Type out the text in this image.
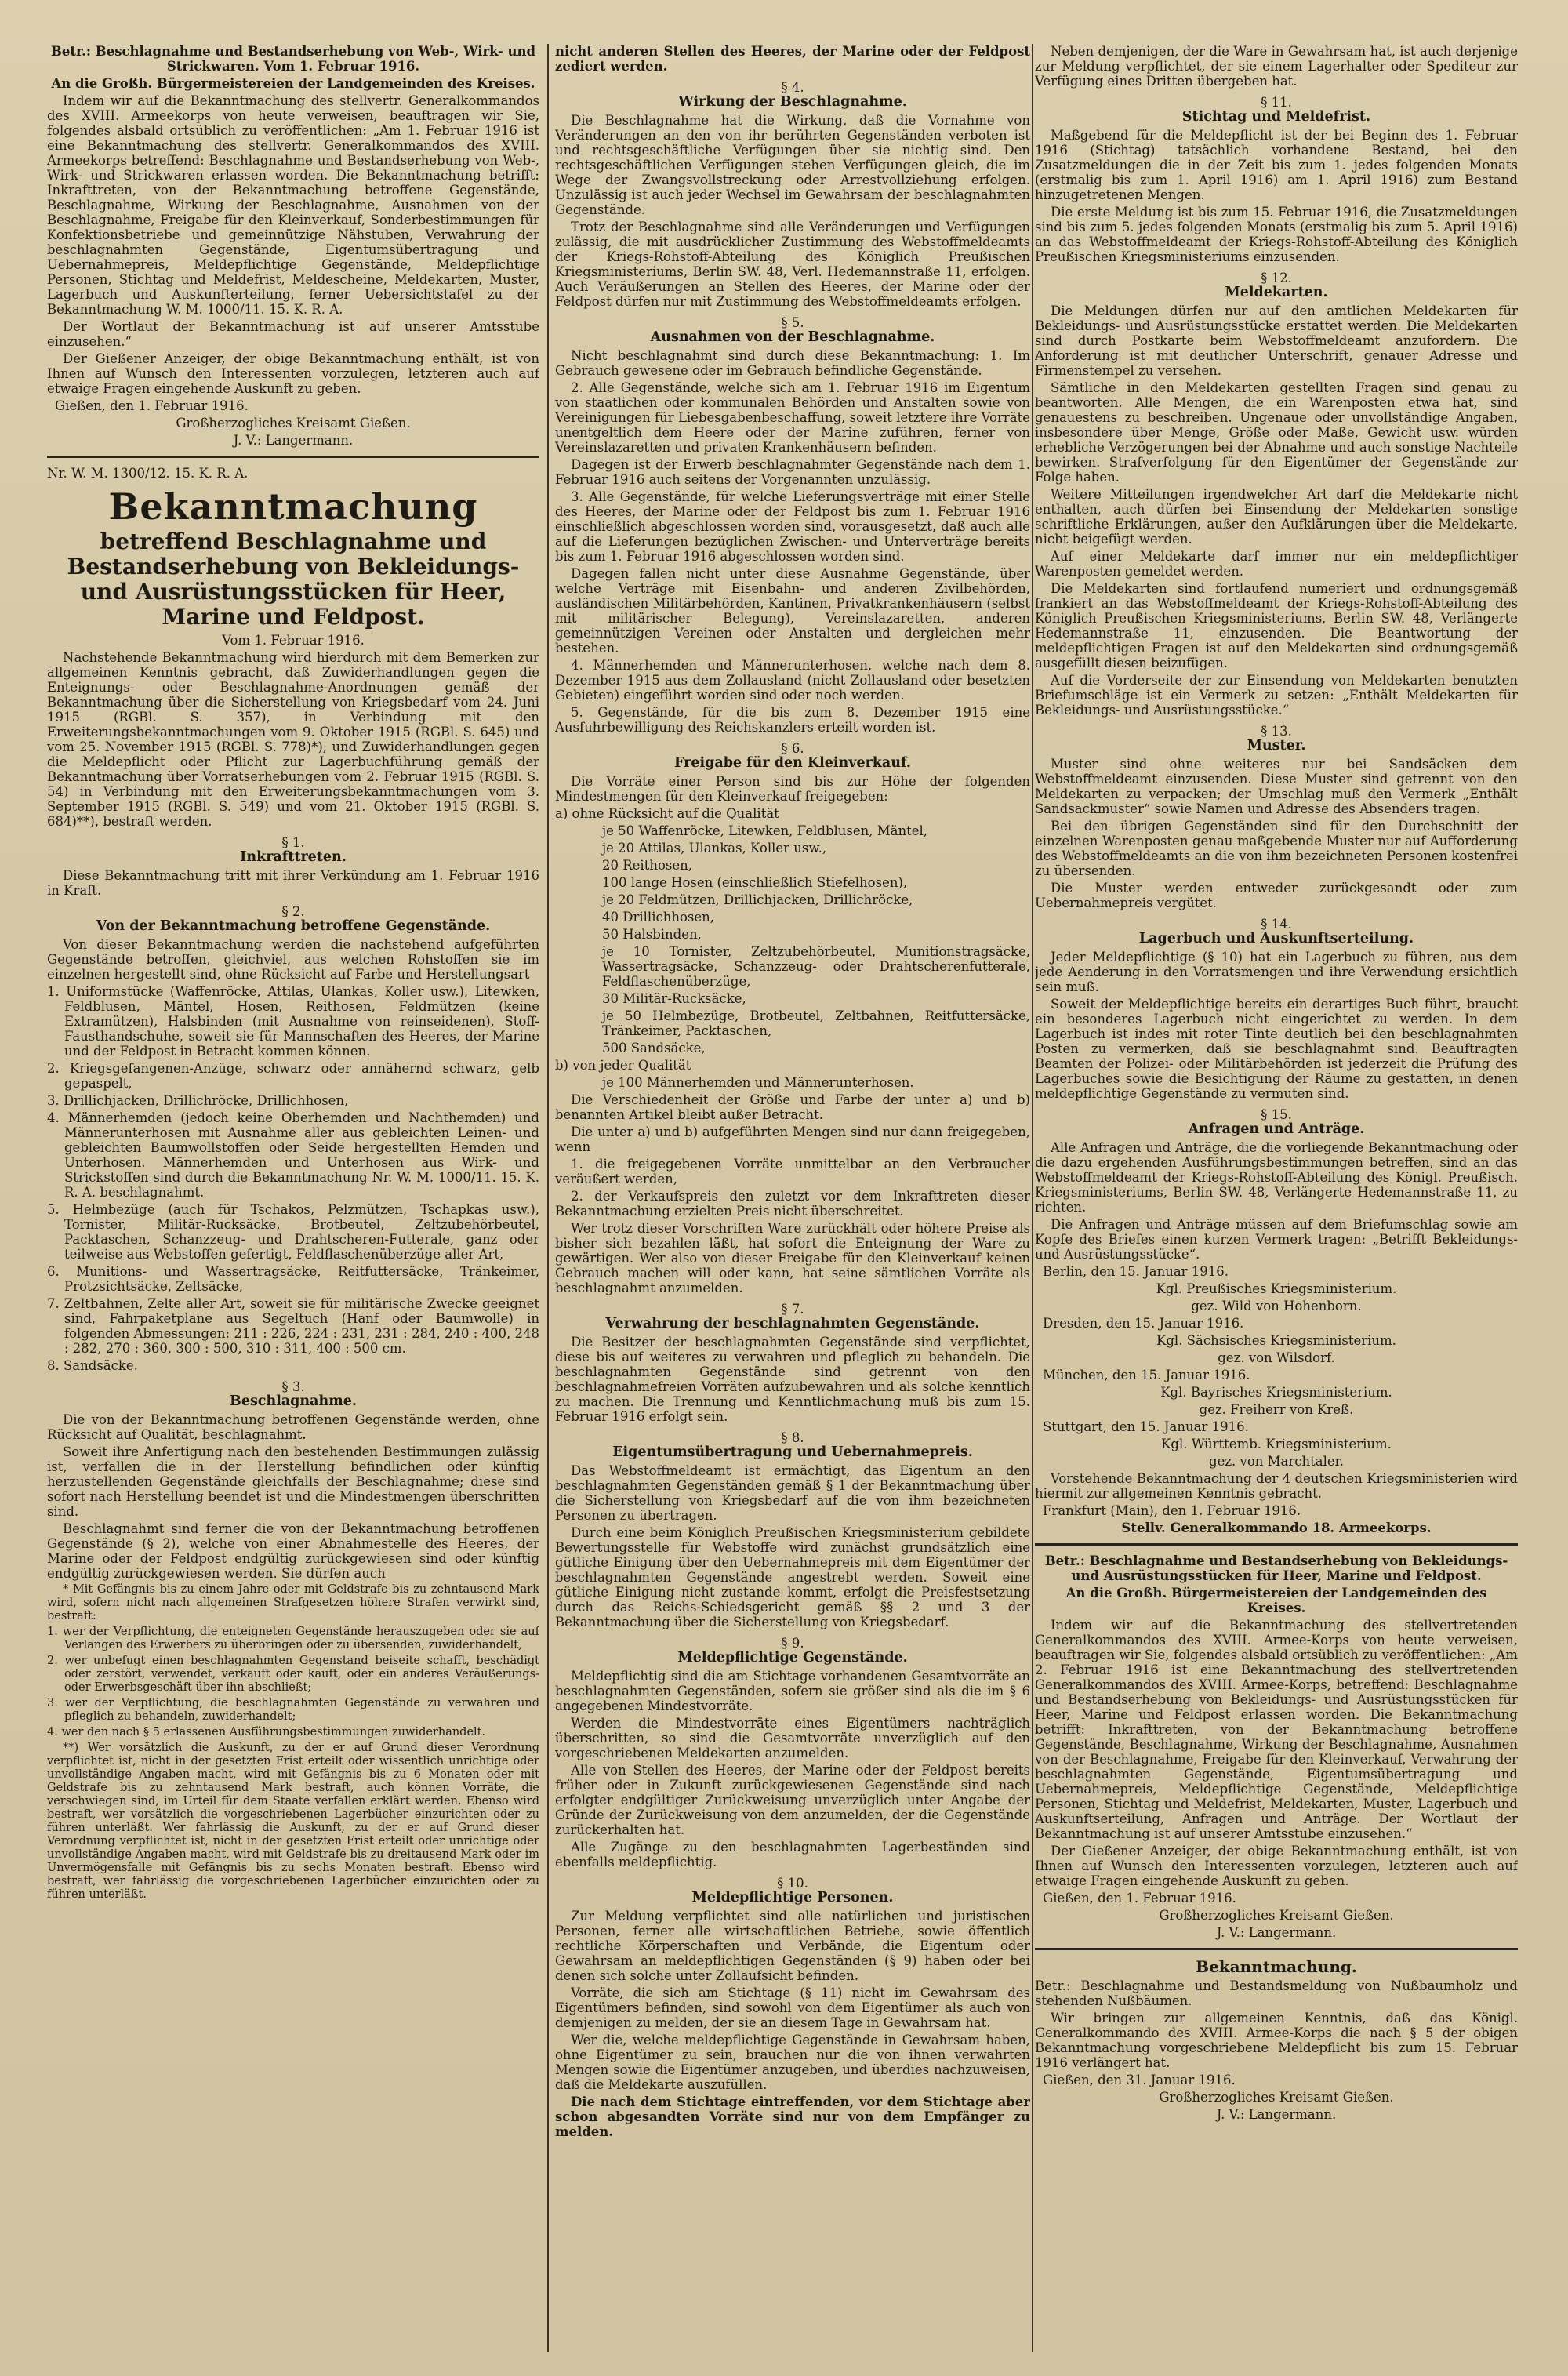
Betr.: Beschlagnahme und Bestandserhebung von Web-, Wirk- und Strickwaren. Vom 1. Februar 1916.

An die Großh. Bürgermeistereien der Landgemeinden des Kreises.

Indem wir auf die Bekanntmachung des stellvertr. Generalkommandos des XVIII. Armeekorps von heute verweisen, beauftragen wir Sie, folgendes alsbald ortsüblich zu veröffentlichen: „Am 1. Februar 1916 ist eine Bekanntmachung des stellvertr. Generalkommandos des XVIII. Armeekorps betreffend: Beschlagnahme und Bestandserhebung von Web-, Wirk- und Strickwaren erlassen worden. Die Bekanntmachung betrifft: Inkrafttreten, von der Bekanntmachung betroffene Gegenstände, Beschlagnahme, Wirkung der Beschlagnahme, Ausnahmen von der Beschlagnahme, Freigabe für den Kleinverkauf, Sonderbestimmungen für Konfektionsbetriebe und gemeinnützige Nähstuben, Verwahrung der beschlagnahmten Gegenstände, Eigentumsübertragung und Uebernahmepreis, Meldepflichtige Gegenstände, Meldepflichtige Personen, Stichtag und Meldefrist, Meldescheine, Meldekarten, Muster, Lagerbuch und Auskunfterteilung, ferner Uebersichtstafel zu der Bekanntmachung W. M. 1000/11. 15. K. R. A.

Der Wortlaut der Bekanntmachung ist auf unserer Amtsstube einzusehen.“

Der Gießener Anzeiger, der obige Bekanntmachung enthält, ist von Ihnen auf Wunsch den Interessenten vorzulegen, letzteren auch auf etwaige Fragen eingehende Auskunft zu geben.

Gießen, den 1. Februar 1916.

Großherzogliches Kreisamt Gießen.

J. V.: Langermann.

Nr. W. M. 1300/12. 15. K. R. A.

Bekanntmachung

betreffend Beschlagnahme und Bestandserhebung von Bekleidungs- und Ausrüstungsstücken für Heer, Marine und Feldpost.

Vom 1. Februar 1916.

Nachstehende Bekanntmachung wird hierdurch mit dem Bemerken zur allgemeinen Kenntnis gebracht, daß Zuwiderhandlungen gegen die Enteignungs- oder Beschlagnahme-Anordnungen gemäß der Bekanntmachung über die Sicherstellung von Kriegsbedarf vom 24. Juni 1915 (RGBl. S. 357), in Verbindung mit den Erweiterungsbekanntmachungen vom 9. Oktober 1915 (RGBl. S. 645) und vom 25. November 1915 (RGBl. S. 778)*), und Zuwiderhandlungen gegen die Meldepflicht oder Pflicht zur Lagerbuchführung gemäß der Bekanntmachung über Vorratserhebungen vom 2. Februar 1915 (RGBl. S. 54) in Verbindung mit den Erweiterungsbekanntmachungen vom 3. September 1915 (RGBl. S. 549) und vom 21. Oktober 1915 (RGBl. S. 684)**), bestraft werden.

§ 1.

Inkrafttreten.

Diese Bekanntmachung tritt mit ihrer Verkündung am 1. Februar 1916 in Kraft.

§ 2.

Von der Bekanntmachung betroffene Gegenstände.

Von dieser Bekanntmachung werden die nachstehend aufgeführten Gegenstände betroffen, gleichviel, aus welchen Rohstoffen sie im einzelnen hergestellt sind, ohne Rücksicht auf Farbe und Herstellungsart

1. Uniformstücke (Waffenröcke, Attilas, Ulankas, Koller usw.), Litewken, Feldblusen, Mäntel, Hosen, Reithosen, Feldmützen (keine Extramützen), Halsbinden (mit Ausnahme von reinseidenen), Stoff-Fausthandschuhe, soweit sie für Mannschaften des Heeres, der Marine und der Feldpost in Betracht kommen können.

2. Kriegsgefangenen-Anzüge, schwarz oder annähernd schwarz, gelb gepaspelt,

3. Drillichjacken, Drillichröcke, Drillichhosen,

4. Männerhemden (jedoch keine Oberhemden und Nachthemden) und Männerunterhosen mit Ausnahme aller aus gebleichten Leinen- und gebleichten Baumwollstoffen oder Seide hergestellten Hemden und Unterhosen. Männerhemden und Unterhosen aus Wirk- und Strickstoffen sind durch die Bekanntmachung Nr. W. M. 1000/11. 15. K. R. A. beschlagnahmt.

5. Helmbezüge (auch für Tschakos, Pelzmützen, Tschapkas usw.), Tornister, Militär-Rucksäcke, Brotbeutel, Zeltzubehörbeutel, Packtaschen, Schanzzeug- und Drahtscheren-Futterale, ganz oder teilweise aus Webstoffen gefertigt, Feldflaschenüberzüge aller Art,

6. Munitions- und Wassertragsäcke, Reitfuttersäcke, Tränkeimer, Protzsichtsäcke, Zeltsäcke,

7. Zeltbahnen, Zelte aller Art, soweit sie für militärische Zwecke geeignet sind, Fahrpaketplane aus Segeltuch (Hanf oder Baumwolle) in folgenden Abmessungen: 211 : 226, 224 : 231, 231 : 284, 240 : 400, 248 : 282, 270 : 360, 300 : 500, 310 : 311, 400 : 500 cm.

8. Sandsäcke.

§ 3.

Beschlagnahme.

Die von der Bekanntmachung betroffenen Gegenstände werden, ohne Rücksicht auf Qualität, beschlagnahmt.

Soweit ihre Anfertigung nach den bestehenden Bestimmungen zulässig ist, verfallen die in der Herstellung befindlichen oder künftig herzustellenden Gegenstände gleichfalls der Beschlagnahme; diese sind sofort nach Herstellung beendet ist und die Mindestmengen überschritten sind.

Beschlagnahmt sind ferner die von der Bekanntmachung betroffenen Gegenstände (§ 2), welche von einer Abnahmestelle des Heeres, der Marine oder der Feldpost endgültig zurückgewiesen sind oder künftig endgültig zurückgewiesen werden. Sie dürfen auch

* Mit Gefängnis bis zu einem Jahre oder mit Geldstrafe bis zu zehntausend Mark wird, sofern nicht nach allgemeinen Strafgesetzen höhere Strafen verwirkt sind, bestraft:

1. wer der Verpflichtung, die enteigneten Gegenstände herauszugeben oder sie auf Verlangen des Erwerbers zu überbringen oder zu übersenden, zuwiderhandelt,

2. wer unbefugt einen beschlagnahmten Gegenstand beiseite schafft, beschädigt oder zerstört, verwendet, verkauft oder kauft, oder ein anderes Veräußerungs- oder Erwerbsgeschäft über ihn abschließt;

3. wer der Verpflichtung, die beschlagnahmten Gegenstände zu verwahren und pfleglich zu behandeln, zuwiderhandelt;

4. wer den nach § 5 erlassenen Ausführungsbestimmungen zuwiderhandelt.

**) Wer vorsätzlich die Auskunft, zu der er auf Grund dieser Verordnung verpflichtet ist, nicht in der gesetzten Frist erteilt oder wissentlich unrichtige oder unvollständige Angaben macht, wird mit Gefängnis bis zu 6 Monaten oder mit Geldstrafe bis zu zehntausend Mark bestraft, auch können Vorräte, die verschwiegen sind, im Urteil für dem Staate verfallen erklärt werden. Ebenso wird bestraft, wer vorsätzlich die vorgeschriebenen Lagerbücher einzurichten oder zu führen unterläßt. Wer fahrlässig die Auskunft, zu der er auf Grund dieser Verordnung verpflichtet ist, nicht in der gesetzten Frist erteilt oder unrichtige oder unvollständige Angaben macht, wird mit Geldstrafe bis zu dreitausend Mark oder im Unvermögensfalle mit Gefängnis bis zu sechs Monaten bestraft. Ebenso wird bestraft, wer fahrlässig die vorgeschriebenen Lagerbücher einzurichten oder zu führen unterläßt.

nicht anderen Stellen des Heeres, der Marine oder der Feldpost zediert werden.

§ 4.

Wirkung der Beschlagnahme.

Die Beschlagnahme hat die Wirkung, daß die Vornahme von Veränderungen an den von ihr berührten Gegenständen verboten ist und rechtsgeschäftliche Verfügungen über sie nichtig sind. Den rechtsgeschäftlichen Verfügungen stehen Verfügungen gleich, die im Wege der Zwangsvollstreckung oder Arrestvollziehung erfolgen. Unzulässig ist auch jeder Wechsel im Gewahrsam der beschlagnahmten Gegenstände.

Trotz der Beschlagnahme sind alle Veränderungen und Verfügungen zulässig, die mit ausdrücklicher Zustimmung des Webstoffmeldeamts der Kriegs-Rohstoff-Abteilung des Königlich Preußischen Kriegsministeriums, Berlin SW. 48, Verl. Hedemannstraße 11, erfolgen. Auch Veräußerungen an Stellen des Heeres, der Marine oder der Feldpost dürfen nur mit Zustimmung des Webstoffmeldeamts erfolgen.

§ 5.

Ausnahmen von der Beschlagnahme.

Nicht beschlagnahmt sind durch diese Bekanntmachung: 1. Im Gebrauch gewesene oder im Gebrauch befindliche Gegenstände.

2. Alle Gegenstände, welche sich am 1. Februar 1916 im Eigentum von staatlichen oder kommunalen Behörden und Anstalten sowie von Vereinigungen für Liebesgabenbeschaffung, soweit letztere ihre Vorräte unentgeltlich dem Heere oder der Marine zuführen, ferner von Vereinslazaretten und privaten Krankenhäusern befinden.

Dagegen ist der Erwerb beschlagnahmter Gegenstände nach dem 1. Februar 1916 auch seitens der Vorgenannten unzulässig.

3. Alle Gegenstände, für welche Lieferungsverträge mit einer Stelle des Heeres, der Marine oder der Feldpost bis zum 1. Februar 1916 einschließlich abgeschlossen worden sind, vorausgesetzt, daß auch alle auf die Lieferungen bezüglichen Zwischen- und Unterverträge bereits bis zum 1. Februar 1916 abgeschlossen worden sind.

Dagegen fallen nicht unter diese Ausnahme Gegenstände, über welche Verträge mit Eisenbahn- und anderen Zivilbehörden, ausländischen Militärbehörden, Kantinen, Privatkrankenhäusern (selbst mit militärischer Belegung), Vereinslazaretten, anderen gemeinnützigen Vereinen oder Anstalten und dergleichen mehr bestehen.

4. Männerhemden und Männerunterhosen, welche nach dem 8. Dezember 1915 aus dem Zollausland (nicht Zollausland oder besetzten Gebieten) eingeführt worden sind oder noch werden.

5. Gegenstände, für die bis zum 8. Dezember 1915 eine Ausfuhrbewilligung des Reichskanzlers erteilt worden ist.

§ 6.

Freigabe für den Kleinverkauf.

Die Vorräte einer Person sind bis zur Höhe der folgenden Mindestmengen für den Kleinverkauf freigegeben:

a) ohne Rücksicht auf die Qualität

je 50 Waffenröcke, Litewken, Feldblusen, Mäntel,

je 20 Attilas, Ulankas, Koller usw.,

20 Reithosen,

100 lange Hosen (einschließlich Stiefelhosen),

je 20 Feldmützen, Drillichjacken, Drillichröcke,

40 Drillichhosen,

50 Halsbinden,

je 10 Tornister, Zeltzubehörbeutel, Munitionstragsäcke, Wassertragsäcke, Schanzzeug- oder Drahtscherenfutterale, Feldflaschenüberzüge,

30 Militär-Rucksäcke,

je 50 Helmbezüge, Brotbeutel, Zeltbahnen, Reitfuttersäcke, Tränkeimer, Packtaschen,

500 Sandsäcke,

b) von jeder Qualität

je 100 Männerhemden und Männerunterhosen.

Die Verschiedenheit der Größe und Farbe der unter a) und b) benannten Artikel bleibt außer Betracht.

Die unter a) und b) aufgeführten Mengen sind nur dann freigegeben, wenn

1. die freigegebenen Vorräte unmittelbar an den Verbraucher veräußert werden,

2. der Verkaufspreis den zuletzt vor dem Inkrafttreten dieser Bekanntmachung erzielten Preis nicht überschreitet.

Wer trotz dieser Vorschriften Ware zurückhält oder höhere Preise als bisher sich bezahlen läßt, hat sofort die Enteignung der Ware zu gewärtigen. Wer also von dieser Freigabe für den Kleinverkauf keinen Gebrauch machen will oder kann, hat seine sämtlichen Vorräte als beschlagnahmt anzumelden.

§ 7.

Verwahrung der beschlagnahmten Gegenstände.

Die Besitzer der beschlagnahmten Gegenstände sind verpflichtet, diese bis auf weiteres zu verwahren und pfleglich zu behandeln. Die beschlagnahmten Gegenstände sind getrennt von den beschlagnahmefreien Vorräten aufzubewahren und als solche kenntlich zu machen. Die Trennung und Kenntlichmachung muß bis zum 15. Februar 1916 erfolgt sein.

§ 8.

Eigentumsübertragung und Uebernahmepreis.

Das Webstoffmeldeamt ist ermächtigt, das Eigentum an den beschlagnahmten Gegenständen gemäß § 1 der Bekanntmachung über die Sicherstellung von Kriegsbedarf auf die von ihm bezeichneten Personen zu übertragen.

Durch eine beim Königlich Preußischen Kriegsministerium gebildete Bewertungsstelle für Webstoffe wird zunächst grundsätzlich eine gütliche Einigung über den Uebernahmepreis mit dem Eigentümer der beschlagnahmten Gegenstände angestrebt werden. Soweit eine gütliche Einigung nicht zustande kommt, erfolgt die Preisfestsetzung durch das Reichs-Schiedsgericht gemäß §§ 2 und 3 der Bekanntmachung über die Sicherstellung von Kriegsbedarf.

§ 9.

Meldepflichtige Gegenstände.

Meldepflichtig sind die am Stichtage vorhandenen Gesamtvorräte an beschlagnahmten Gegenständen, sofern sie größer sind als die im § 6 angegebenen Mindestvorräte.

Werden die Mindestvorräte eines Eigentümers nachträglich überschritten, so sind die Gesamtvorräte unverzüglich auf den vorgeschriebenen Meldekarten anzumelden.

Alle von Stellen des Heeres, der Marine oder der Feldpost bereits früher oder in Zukunft zurückgewiesenen Gegenstände sind nach erfolgter endgültiger Zurückweisung unverzüglich unter Angabe der Gründe der Zurückweisung von dem anzumelden, der die Gegenstände zurückerhalten hat.

Alle Zugänge zu den beschlagnahmten Lagerbeständen sind ebenfalls meldepflichtig.

§ 10.

Meldepflichtige Personen.

Zur Meldung verpflichtet sind alle natürlichen und juristischen Personen, ferner alle wirtschaftlichen Betriebe, sowie öffentlich rechtliche Körperschaften und Verbände, die Eigentum oder Gewahrsam an meldepflichtigen Gegenständen (§ 9) haben oder bei denen sich solche unter Zollaufsicht befinden.

Vorräte, die sich am Stichtage (§ 11) nicht im Gewahrsam des Eigentümers befinden, sind sowohl von dem Eigentümer als auch von demjenigen zu melden, der sie an diesem Tage in Gewahrsam hat.

Wer die, welche meldepflichtige Gegenstände in Gewahrsam haben, ohne Eigentümer zu sein, brauchen nur die von ihnen verwahrten Mengen sowie die Eigentümer anzugeben, und überdies nachzuweisen, daß die Meldekarte auszufüllen.

Die nach dem Stichtage eintreffenden, vor dem Stichtage aber schon abgesandten Vorräte sind nur von dem Empfänger zu melden.

Neben demjenigen, der die Ware in Gewahrsam hat, ist auch derjenige zur Meldung verpflichtet, der sie einem Lagerhalter oder Spediteur zur Verfügung eines Dritten übergeben hat.

§ 11.

Stichtag und Meldefrist.

Maßgebend für die Meldepflicht ist der bei Beginn des 1. Februar 1916 (Stichtag) tatsächlich vorhandene Bestand, bei den Zusatzmeldungen die in der Zeit bis zum 1. jedes folgenden Monats (erstmalig bis zum 1. April 1916) am 1. April 1916) zum Bestand hinzugetretenen Mengen.

Die erste Meldung ist bis zum 15. Februar 1916, die Zusatzmeldungen sind bis zum 5. jedes folgenden Monats (erstmalig bis zum 5. April 1916) an das Webstoffmeldeamt der Kriegs-Rohstoff-Abteilung des Königlich Preußischen Kriegsministeriums einzusenden.

§ 12.

Meldekarten.

Die Meldungen dürfen nur auf den amtlichen Meldekarten für Bekleidungs- und Ausrüstungsstücke erstattet werden. Die Meldekarten sind durch Postkarte beim Webstoffmeldeamt anzufordern. Die Anforderung ist mit deutlicher Unterschrift, genauer Adresse und Firmenstempel zu versehen.

Sämtliche in den Meldekarten gestellten Fragen sind genau zu beantworten. Alle Mengen, die ein Warenposten etwa hat, sind genauestens zu beschreiben. Ungenaue oder unvollständige Angaben, insbesondere über Menge, Größe oder Maße, Gewicht usw. würden erhebliche Verzögerungen bei der Abnahme und auch sonstige Nachteile bewirken. Strafverfolgung für den Eigentümer der Gegenstände zur Folge haben.

Weitere Mitteilungen irgendwelcher Art darf die Meldekarte nicht enthalten, auch dürfen bei Einsendung der Meldekarten sonstige schriftliche Erklärungen, außer den Aufklärungen über die Meldekarte, nicht beigefügt werden.

Auf einer Meldekarte darf immer nur ein meldepflichtiger Warenposten gemeldet werden.

Die Meldekarten sind fortlaufend numeriert und ordnungsgemäß frankiert an das Webstoffmeldeamt der Kriegs-Rohstoff-Abteilung des Königlich Preußischen Kriegsministeriums, Berlin SW. 48, Verlängerte Hedemannstraße 11, einzusenden. Die Beantwortung der meldepflichtigen Fragen ist auf den Meldekarten sind ordnungsgemäß ausgefüllt diesen beizufügen.

Auf die Vorderseite der zur Einsendung von Meldekarten benutzten Briefumschläge ist ein Vermerk zu setzen: „Enthält Meldekarten für Bekleidungs- und Ausrüstungsstücke.“

§ 13.

Muster.

Muster sind ohne weiteres nur bei Sandsäcken dem Webstoffmeldeamt einzusenden. Diese Muster sind getrennt von den Meldekarten zu verpacken; der Umschlag muß den Vermerk „Enthält Sandsackmuster“ sowie Namen und Adresse des Absenders tragen.

Bei den übrigen Gegenständen sind für den Durchschnitt der einzelnen Warenposten genau maßgebende Muster nur auf Aufforderung des Webstoffmeldeamts an die von ihm bezeichneten Personen kostenfrei zu übersenden.

Die Muster werden entweder zurückgesandt oder zum Uebernahmepreis vergütet.

§ 14.

Lagerbuch und Auskunftserteilung.

Jeder Meldepflichtige (§ 10) hat ein Lagerbuch zu führen, aus dem jede Aenderung in den Vorratsmengen und ihre Verwendung ersichtlich sein muß.

Soweit der Meldepflichtige bereits ein derartiges Buch führt, braucht ein besonderes Lagerbuch nicht eingerichtet zu werden. In dem Lagerbuch ist indes mit roter Tinte deutlich bei den beschlagnahmten Posten zu vermerken, daß sie beschlagnahmt sind. Beauftragten Beamten der Polizei- oder Militärbehörden ist jederzeit die Prüfung des Lagerbuches sowie die Besichtigung der Räume zu gestatten, in denen meldepflichtige Gegenstände zu vermuten sind.

§ 15.

Anfragen und Anträge.

Alle Anfragen und Anträge, die die vorliegende Bekanntmachung oder die dazu ergehenden Ausführungsbestimmungen betreffen, sind an das Webstoffmeldeamt der Kriegs-Rohstoff-Abteilung des Königl. Preußisch. Kriegsministeriums, Berlin SW. 48, Verlängerte Hedemannstraße 11, zu richten.

Die Anfragen und Anträge müssen auf dem Briefumschlag sowie am Kopfe des Briefes einen kurzen Vermerk tragen: „Betrifft Bekleidungs- und Ausrüstungsstücke“.

Berlin, den 15. Januar 1916.

Kgl. Preußisches Kriegsministerium.

gez. Wild von Hohenborn.

Dresden, den 15. Januar 1916.

Kgl. Sächsisches Kriegsministerium.

gez. von Wilsdorf.

München, den 15. Januar 1916.

Kgl. Bayrisches Kriegsministerium.

gez. Freiherr von Kreß.

Stuttgart, den 15. Januar 1916.

Kgl. Württemb. Kriegsministerium.

gez. von Marchtaler.

Vorstehende Bekanntmachung der 4 deutschen Kriegsministerien wird hiermit zur allgemeinen Kenntnis gebracht.

Frankfurt (Main), den 1. Februar 1916.

Stellv. Generalkommando 18. Armeekorps.

Betr.: Beschlagnahme und Bestandserhebung von Bekleidungs- und Ausrüstungsstücken für Heer, Marine und Feldpost.

An die Großh. Bürgermeistereien der Landgemeinden des Kreises.

Indem wir auf die Bekanntmachung des stellvertretenden Generalkommandos des XVIII. Armee-Korps von heute verweisen, beauftragen wir Sie, folgendes alsbald ortsüblich zu veröffentlichen: „Am 2. Februar 1916 ist eine Bekanntmachung des stellvertretenden Generalkommandos des XVIII. Armee-Korps, betreffend: Beschlagnahme und Bestandserhebung von Bekleidungs- und Ausrüstungsstücken für Heer, Marine und Feldpost erlassen worden. Die Bekanntmachung betrifft: Inkrafttreten, von der Bekanntmachung betroffene Gegenstände, Beschlagnahme, Wirkung der Beschlagnahme, Ausnahmen von der Beschlagnahme, Freigabe für den Kleinverkauf, Verwahrung der beschlagnahmten Gegenstände, Eigentumsübertragung und Uebernahmepreis, Meldepflichtige Gegenstände, Meldepflichtige Personen, Stichtag und Meldefrist, Meldekarten, Muster, Lagerbuch und Auskunftserteilung, Anfragen und Anträge. Der Wortlaut der Bekanntmachung ist auf unserer Amtsstube einzusehen.“

Der Gießener Anzeiger, der obige Bekanntmachung enthält, ist von Ihnen auf Wunsch den Interessenten vorzulegen, letzteren auch auf etwaige Fragen eingehende Auskunft zu geben.

Gießen, den 1. Februar 1916.

Großherzogliches Kreisamt Gießen.

J. V.: Langermann.

Bekanntmachung.

Betr.: Beschlagnahme und Bestandsmeldung von Nußbaumholz und stehenden Nußbäumen.

Wir bringen zur allgemeinen Kenntnis, daß das Königl. Generalkommando des XVIII. Armee-Korps die nach § 5 der obigen Bekanntmachung vorgeschriebene Meldepflicht bis zum 15. Februar 1916 verlängert hat.

Gießen, den 31. Januar 1916.

Großherzogliches Kreisamt Gießen.

J. V.: Langermann.
